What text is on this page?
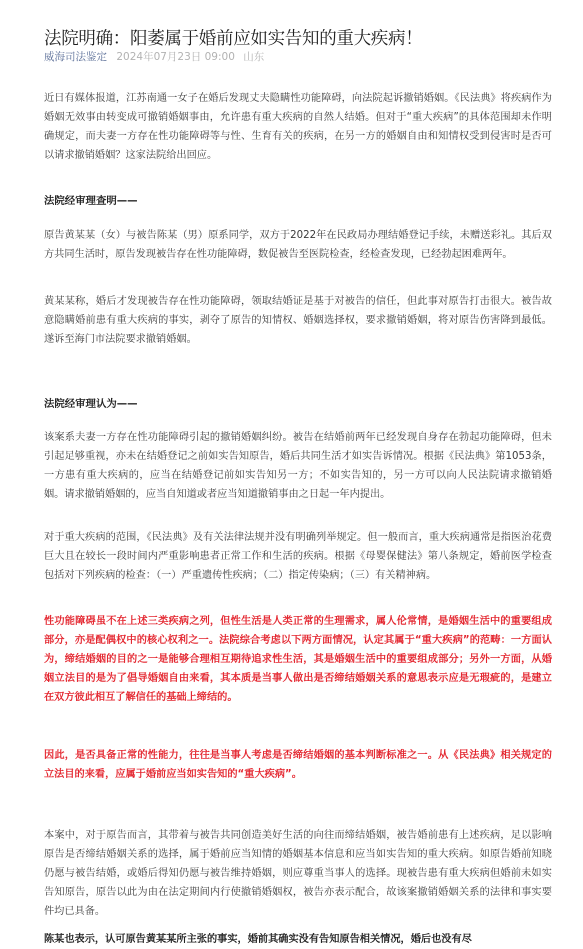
法院明确：阳萎属于婚前应如实告知的重大疾病！
威海司法鉴定 2024年07月23日 09:00 山东

近日有媒体报道，江苏南通一女子在婚后发现丈夫隐瞒性功能障碍，向法院起诉撤销婚姻。《民法典》将疾病作为婚姻无效事由转变成可撤销婚姻事由，允许患有重大疾病的自然人结婚。但对于“重大疾病”的具体范围却未作明确规定，而夫妻一方存在性功能障碍等与性、生育有关的疾病，在另一方的婚姻自由和知情权受到侵害时是否可以请求撤销婚姻？这家法院给出回应。

法院经审理查明——

原告黄某某（女）与被告陈某（男）原系同学，双方于2022年在民政局办理结婚登记手续，未赠送彩礼。其后双方共同生活时，原告发现被告存在性功能障碍，数促被告至医院检查，经检查发现，已经勃起困难两年。

黄某某称，婚后才发现被告存在性功能障碍，领取结婚证是基于对被告的信任，但此事对原告打击很大。被告故意隐瞒婚前患有重大疾病的事实，剥夺了原告的知情权、婚姻选择权，要求撤销婚姻，将对原告伤害降到最低。遂诉至海门市法院要求撤销婚姻。

法院经审理认为——

该案系夫妻一方存在性功能障碍引起的撤销婚姻纠纷。被告在结婚前两年已经发现自身存在勃起功能障碍，但未引起足够重视，亦未在结婚登记之前如实告知原告，婚后共同生活才如实告诉情况。根据《民法典》第1053条，一方患有重大疾病的，应当在结婚登记前如实告知另一方；不如实告知的，另一方可以向人民法院请求撤销婚姻。请求撤销婚姻的，应当自知道或者应当知道撤销事由之日起一年内提出。

对于重大疾病的范围，《民法典》及有关法律法规并没有明确列举规定。但一般而言，重大疾病通常是指医治花费巨大且在较长一段时间内严重影响患者正常工作和生活的疾病。根据《母婴保健法》第八条规定，婚前医学检查包括对下列疾病的检查：（一）严重遗传性疾病；（二）指定传染病；（三）有关精神病。

性功能障碍虽不在上述三类疾病之列，但性生活是人类正常的生理需求，属人伦常情，是婚姻生活中的重要组成部分，亦是配偶权中的核心权利之一。法院综合考虑以下两方面情况，认定其属于“重大疾病”的范畴：一方面认为，缔结婚姻的目的之一是能够合理相互期待追求性生活，其是婚姻生活中的重要组成部分；另外一方面，从婚姻立法目的是为了倡导婚姻自由来看，其本质是当事人做出是否缔结婚姻关系的意思表示应是无瑕疵的，是建立在双方彼此相互了解信任的基础上缔结的。

因此，是否具备正常的性能力，往往是当事人考虑是否缔结婚姻的基本判断标准之一。从《民法典》相关规定的立法目的来看，应属于婚前应当如实告知的“重大疾病”。

本案中，对于原告而言，其带着与被告共同创造美好生活的向往而缔结婚姻，被告婚前患有上述疾病，足以影响原告是否缔结婚姻关系的选择，属于婚前应当知情的婚姻基本信息和应当如实告知的重大疾病。如原告婚前知晓仍愿与被告结婚，或婚后得知仍愿与被告维持婚姻，则应尊重当事人的选择。现被告患有重大疾病但婚前未如实告知原告，原告以此为由在法定期间内行使撤销婚姻权，被告亦表示配合，故该案撤销婚姻关系的法律和事实要件均已具备。

陈某也表示，认可原告黄某某所主张的事实，婚前其确实没有告知原告相关情况，婚后也没有尽
